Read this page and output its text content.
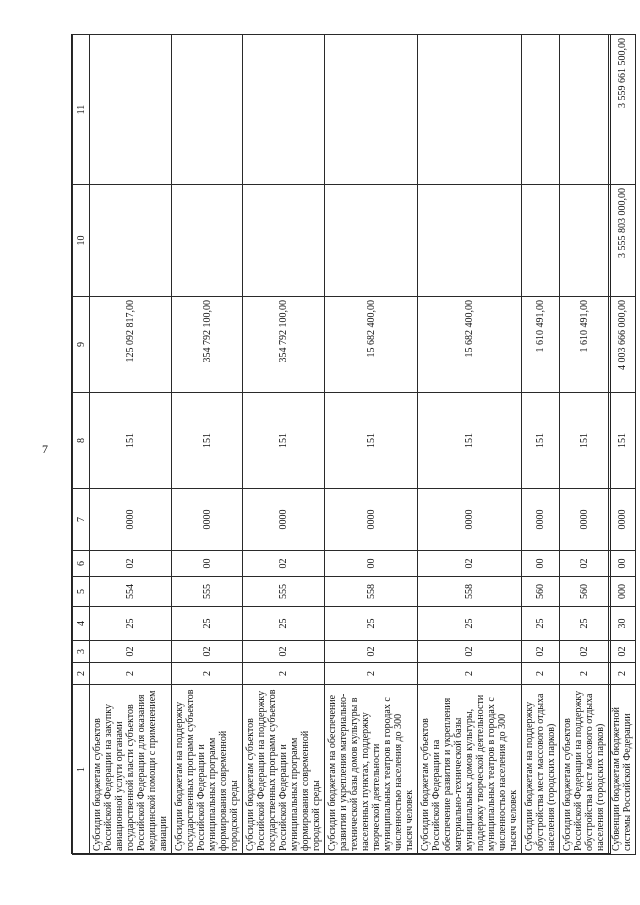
7
1	2	3	4	5	6	7	8	9	10	11
Субсидии бюджетам субъектов Российской Федерации на закупку авиационной услуги органами государственной власти субъектов Российской Федерации для оказания медицинской помощи с применением авиации	2	02	25	554	02	0000	151	125 092 817,00		
Субсидии бюджетам на поддержку государственных программ субъектов Российской Федерации и муниципальных программ формирования современной городской среды	2	02	25	555	00	0000	151	354 792 100,00		
Субсидии бюджетам субъектов Российской Федерации на поддержку государственных программ субъектов Российской Федерации и муниципальных программ формирования современной городской среды	2	02	25	555	02	0000	151	354 792 100,00		
Субсидии бюджетам на обеспечение развития и укрепления материально-технической базы домов культуры в населенных пунктах, поддержку творческой деятельности муниципальных театров в городах с численностью населения до 300 тысяч человек	2	02	25	558	00	0000	151	15 682 400,00		
Субсидии бюджетам субъектов Российской Федерации на обеспечение развития и укрепления материально-технической базы муниципальных домов культуры, поддержку творческой деятельности муниципальных театров в городах с численностью населения до 300 тысяч человек	2	02	25	558	02	0000	151	15 682 400,00		
Субсидии бюджетам на поддержку обустройства мест массового отдыха населения (городских парков)	2	02	25	560	00	0000	151	1 610 491,00		
Субсидии бюджетам субъектов Российской Федерации на поддержку обустройства мест массового отдыха населения (городских парков)	2	02	25	560	02	0000	151	1 610 491,00		
Субвенции бюджетам бюджетной системы Российской Федерации	2	02	30	000	00	0000	151	4 003 666 000,00	3 555 803 000,00	3 559 661 500,00
